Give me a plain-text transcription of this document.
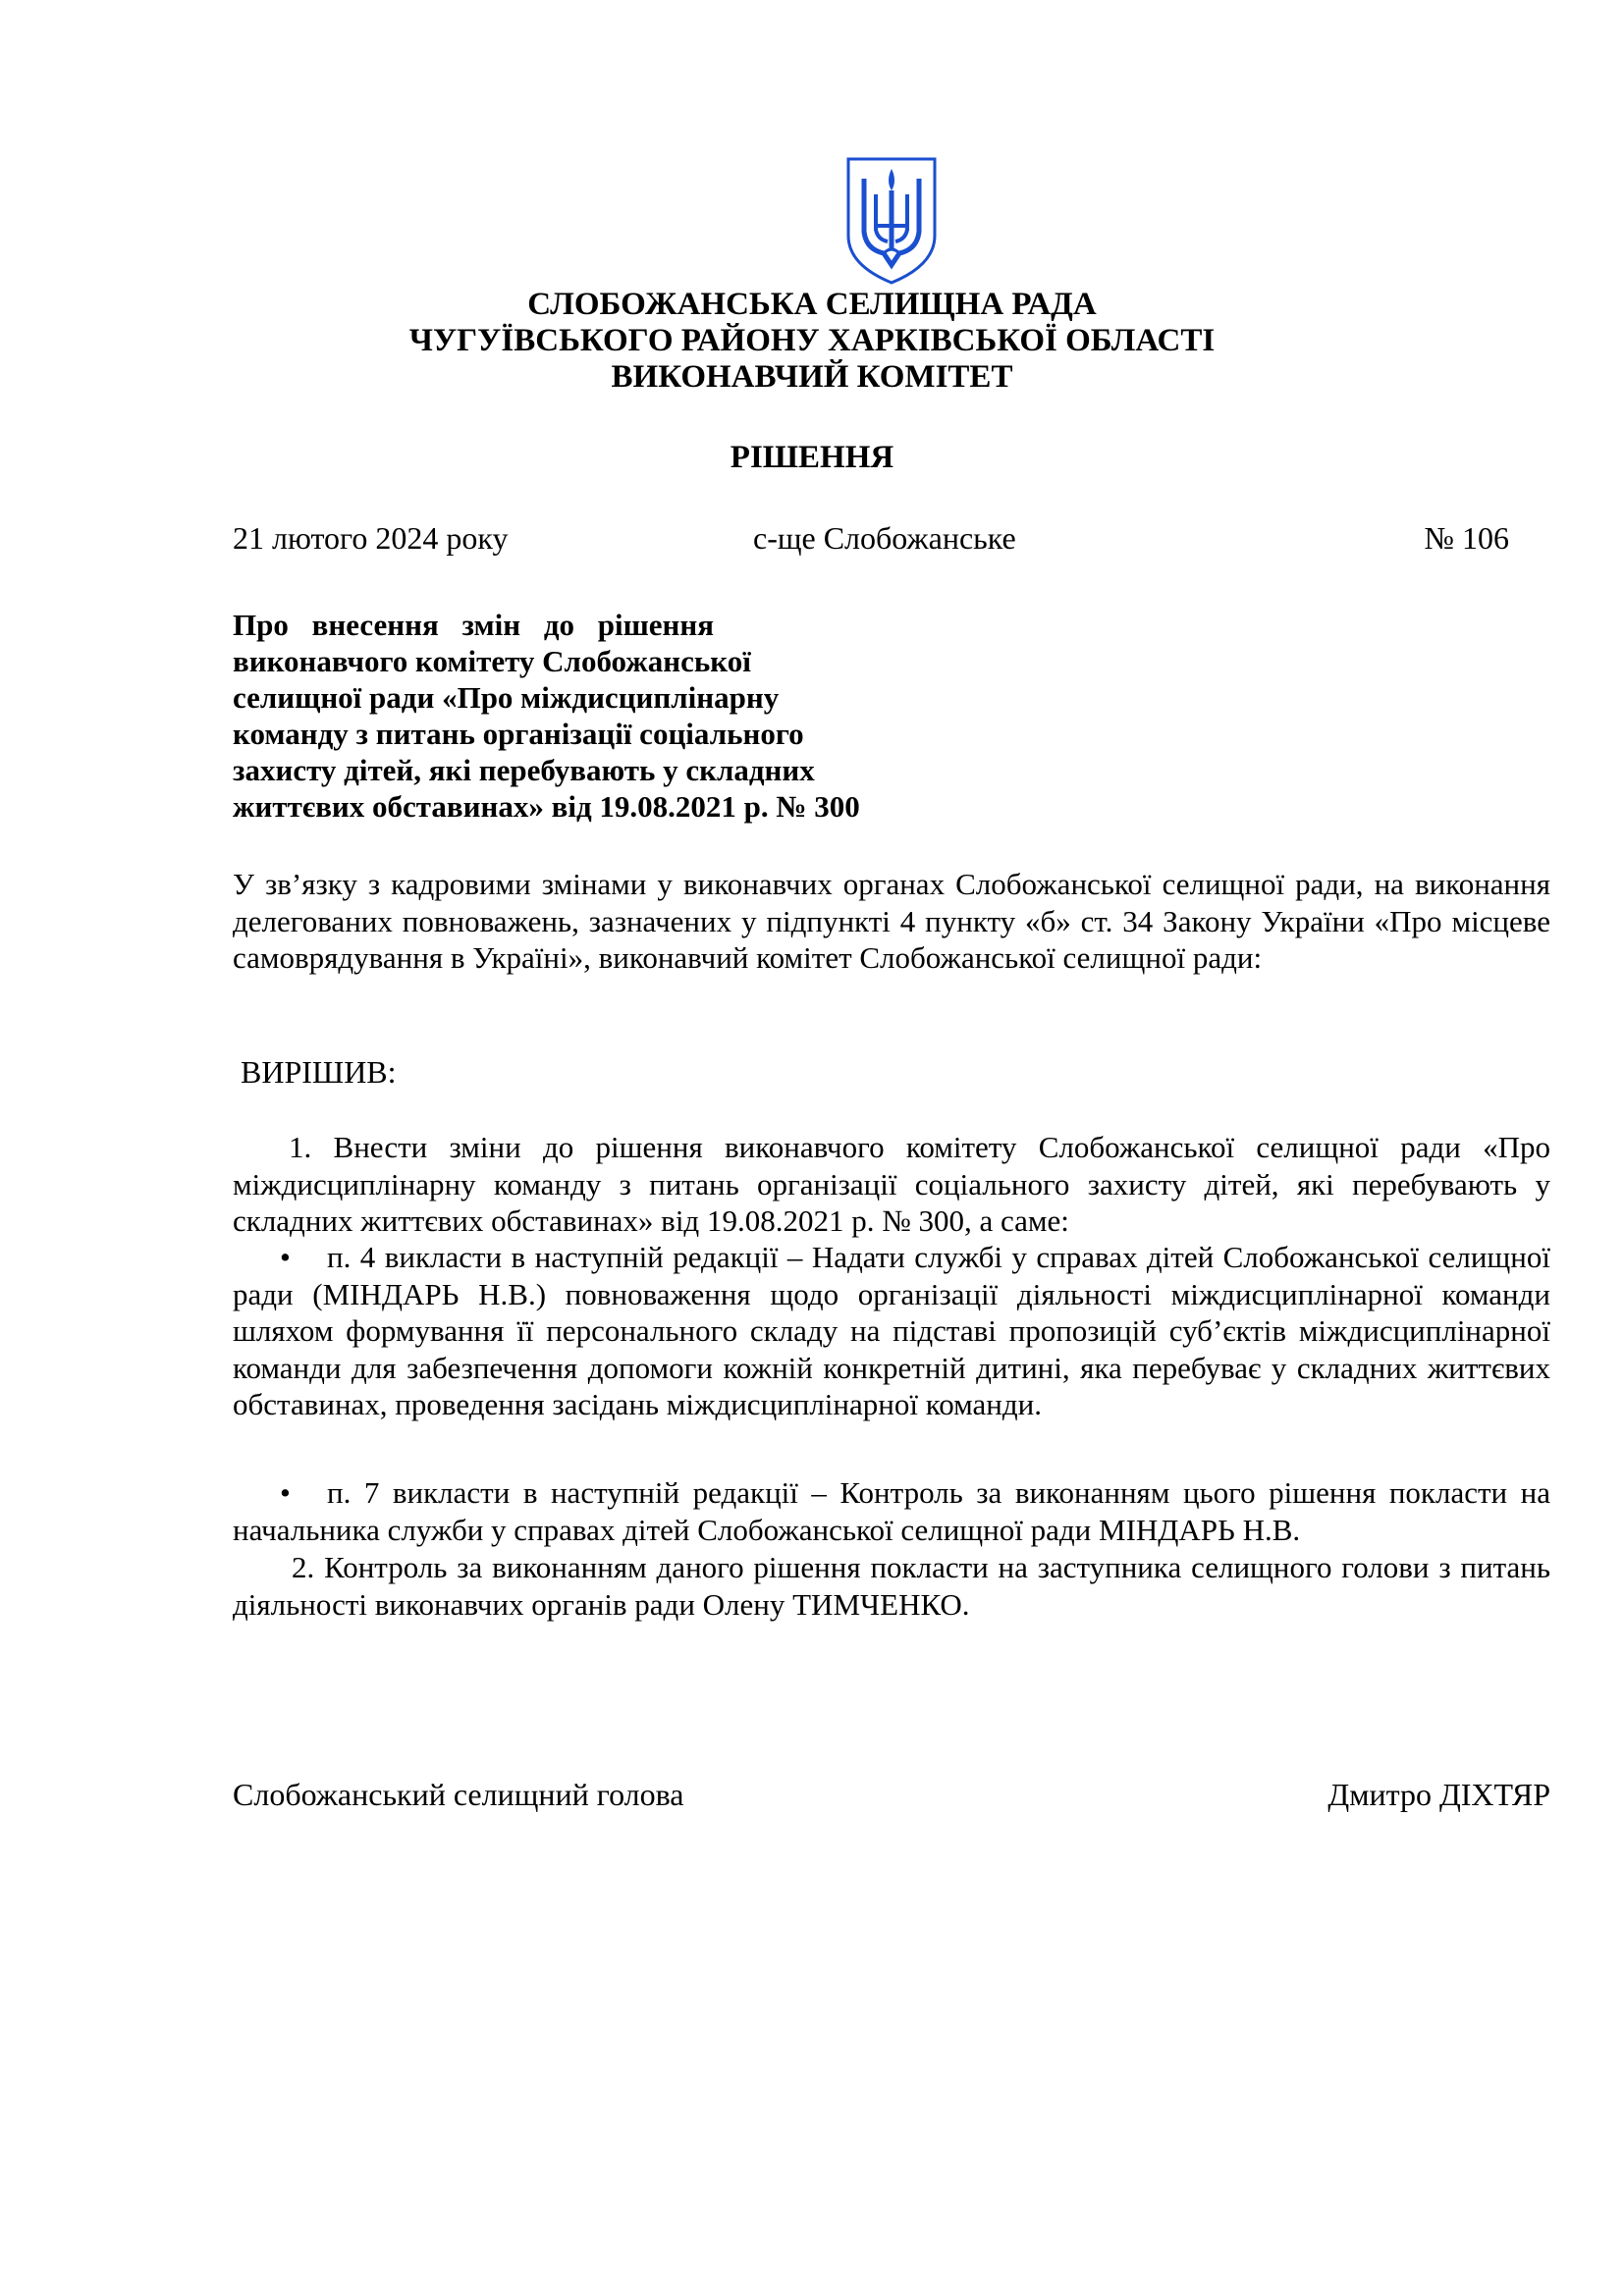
СЛОБОЖАНСЬКА СЕЛИЩНА РАДА
ЧУГУЇВСЬКОГО РАЙОНУ ХАРКІВСЬКОЇ ОБЛАСТІ
ВИКОНАВЧИЙ КОМІТЕТ
РІШЕННЯ
21 лютого 2024 року	с-ще Слобожанське	№ 106
Про внесення змін до рішення
виконавчого комітету Слобожанської
селищної ради «Про міждисциплінарну
команду з питань організації соціального
захисту дітей, які перебувають у складних
життєвих обставинах» від 19.08.2021 р. № 300
У зв’язку з кадровими змінами у виконавчих органах Слобожанської селищної ради, на виконання делегованих повноважень, зазначених у підпункті 4 пункту «б» ст. 34 Закону України «Про місцеве самоврядування в Україні», виконавчий комітет Слобожанської селищної ради:
ВИРІШИВ:
1. Внести зміни до рішення виконавчого комітету Слобожанської селищної ради «Про міждисциплінарну команду з питань організації соціального захисту дітей, які перебувають у складних життєвих обставинах» від 19.08.2021 р. № 300, а саме:
• п. 4 викласти в наступній редакції – Надати службі у справах дітей Слобожанської селищної ради (МІНДАРЬ Н.В.) повноваження щодо організації діяльності міждисциплінарної команди шляхом формування її персонального складу на підставі пропозицій суб’єктів міждисциплінарної команди для забезпечення допомоги кожній конкретній дитині, яка перебуває у складних життєвих обставинах, проведення засідань міждисциплінарної команди.
• п. 7 викласти в наступній редакції – Контроль за виконанням цього рішення покласти на начальника служби у справах дітей Слобожанської селищної ради МІНДАРЬ Н.В.
2. Контроль за виконанням даного рішення покласти на заступника селищного голови з питань діяльності виконавчих органів ради Олену ТИМЧЕНКО.
Слобожанський селищний голова	Дмитро ДІХТЯР
